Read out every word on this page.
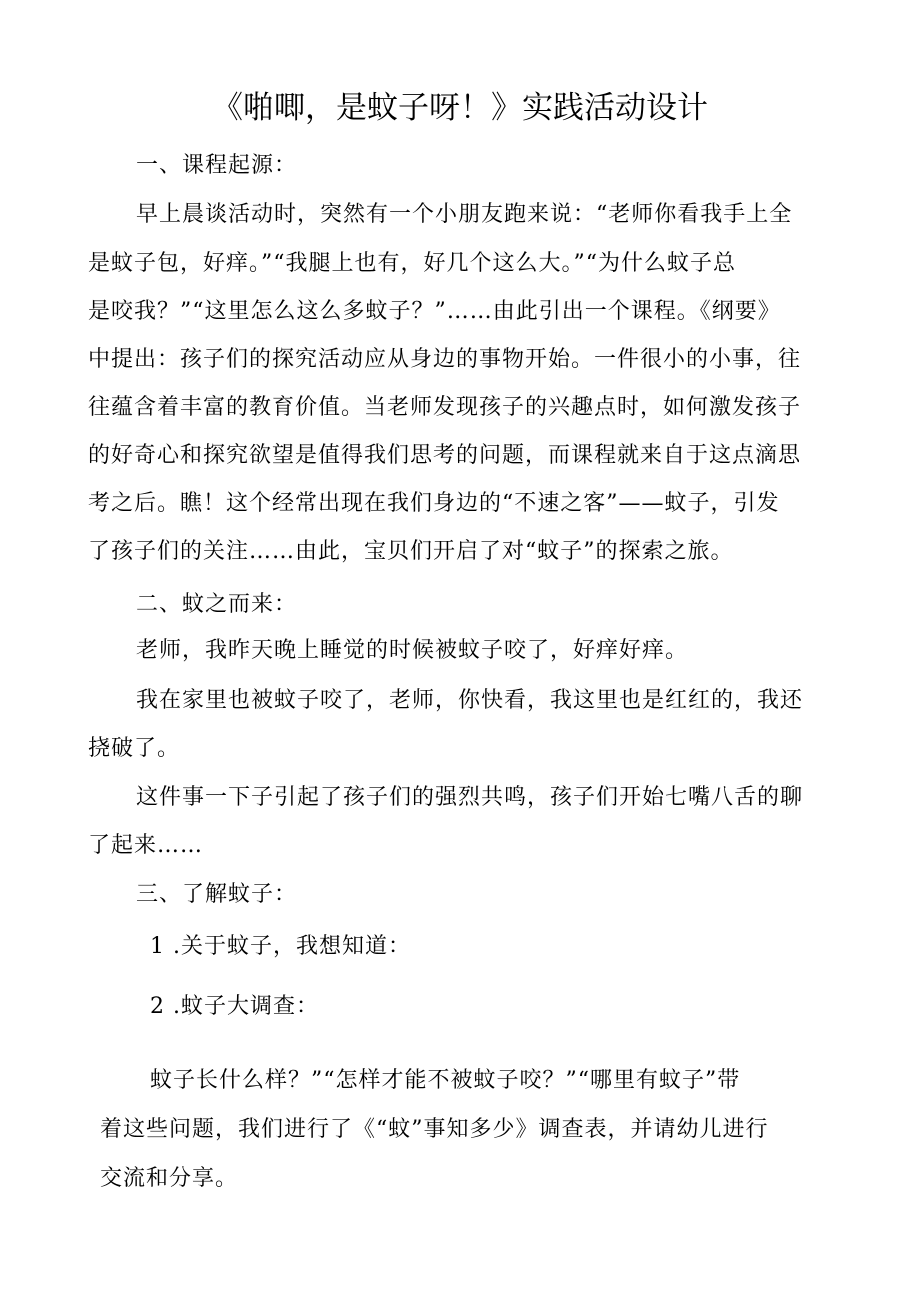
《啪唧，是蚊子呀！》实践活动设计
一、课程起源：
早上晨谈活动时，突然有一个小朋友跑来说：“老师你看我手上全
是蚊子包，好痒。”“我腿上也有，好几个这么大。”“为什么蚊子总
是咬我？”“这里怎么这么多蚊子？”……由此引出一个课程。《纲要》
中提出：孩子们的探究活动应从身边的事物开始。一件很小的小事，往
往蕴含着丰富的教育价值。当老师发现孩子的兴趣点时，如何激发孩子
的好奇心和探究欲望是值得我们思考的问题，而课程就来自于这点滴思
考之后。瞧！这个经常出现在我们身边的“不速之客”——蚊子，引发
了孩子们的关注……由此，宝贝们开启了对“蚊子”的探索之旅。
二、蚊之而来：
老师，我昨天晚上睡觉的时候被蚊子咬了，好痒好痒。
我在家里也被蚊子咬了，老师，你快看，我这里也是红红的，我还
挠破了。
这件事一下子引起了孩子们的强烈共鸣，孩子们开始七嘴八舌的聊
了起来……
三、了解蚊子：
1 .关于蚊子，我想知道：
2 .蚊子大调查：
蚊子长什么样？”“怎样才能不被蚊子咬？”“哪里有蚊子”带
着这些问题，我们进行了《“蚊”事知多少》调查表，并请幼儿进行
交流和分享。
